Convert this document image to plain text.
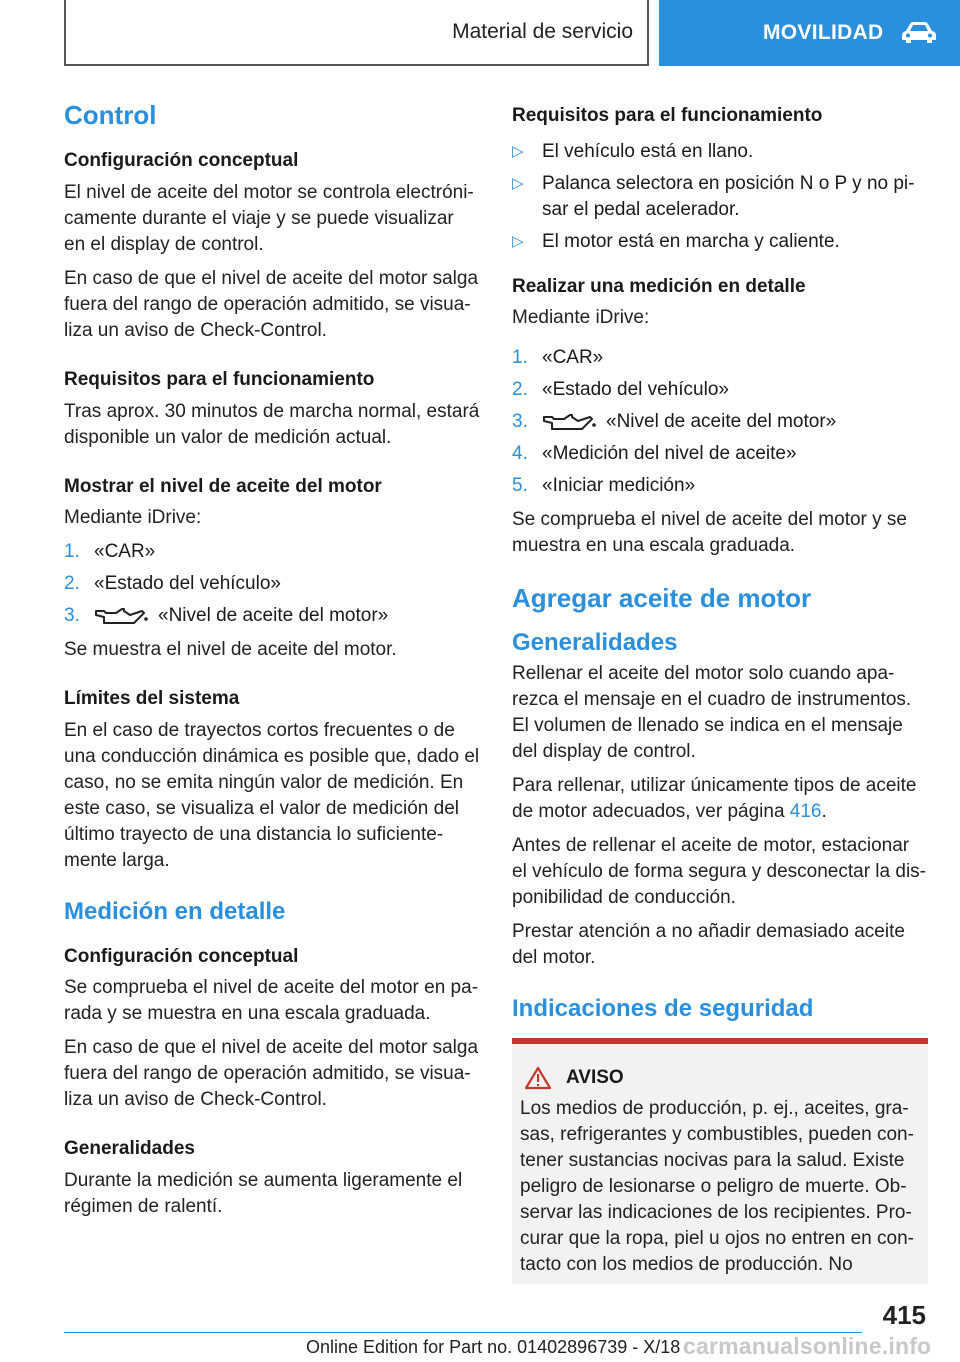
Material de servicio	MOVILIDAD
Control
Configuración conceptual

El nivel de aceite del motor se controla electróni‐camente durante el viaje y se puede visualizar en el display de control.

En caso de que el nivel de aceite del motor salga fuera del rango de operación admitido, se visua‐liza un aviso de Check-Control.

Requisitos para el funcionamiento

Tras aprox. 30 minutos de marcha normal, estará disponible un valor de medición actual.

Mostrar el nivel de aceite del motor

Mediante iDrive:

1. «CAR»
2. «Estado del vehículo»
3.	«Nivel de aceite del motor»

Se muestra el nivel de aceite del motor.

Límites del sistema

En el caso de trayectos cortos frecuentes o de una conducción dinámica es posible que, dado el caso, no se emita ningún valor de medición. En este caso, se visualiza el valor de medición del último trayecto de una distancia lo suficiente‐mente larga.

Medición en detalle
Configuración conceptual

Se comprueba el nivel de aceite del motor en pa‐rada y se muestra en una escala graduada.

En caso de que el nivel de aceite del motor salga fuera del rango de operación admitido, se visua‐liza un aviso de Check-Control.

Generalidades

Durante la medición se aumenta ligeramente el régimen de ralentí.

Requisitos para el funcionamiento
▷ El vehículo está en llano.
▷ Palanca selectora en posición N o P y no pi‐sar el pedal acelerador.
▷ El motor está en marcha y caliente.
Realizar una medición en detalle

Mediante iDrive:

1. «CAR»
2. «Estado del vehículo»
3.	«Nivel de aceite del motor»
4. «Medición del nivel de aceite»
5. «Iniciar medición»

Se comprueba el nivel de aceite del motor y se muestra en una escala graduada.

Agregar aceite de motor
Generalidades

Rellenar el aceite del motor solo cuando apa‐rezca el mensaje en el cuadro de instrumentos. El volumen de llenado se indica en el mensaje del display de control.

Para rellenar, utilizar únicamente tipos de aceite de motor adecuados, ver página 416.

Antes de rellenar el aceite de motor, estacionar el vehículo de forma segura y desconectar la dis‐ponibilidad de conducción.

Prestar atención a no añadir demasiado aceite del motor.

Indicaciones de seguridad
AVISO

Los medios de producción, p. ej., aceites, gra‐sas, refrigerantes y combustibles, pueden con‐tener sustancias nocivas para la salud. Existe peligro de lesionarse o peligro de muerte. Ob‐servar las indicaciones de los recipientes. Pro‐curar que la ropa, piel u ojos no entren en con‐tacto con los medios de producción. No

415
Online Edition for Part no. 01402896739 - X/18 carmanualsonline.info
